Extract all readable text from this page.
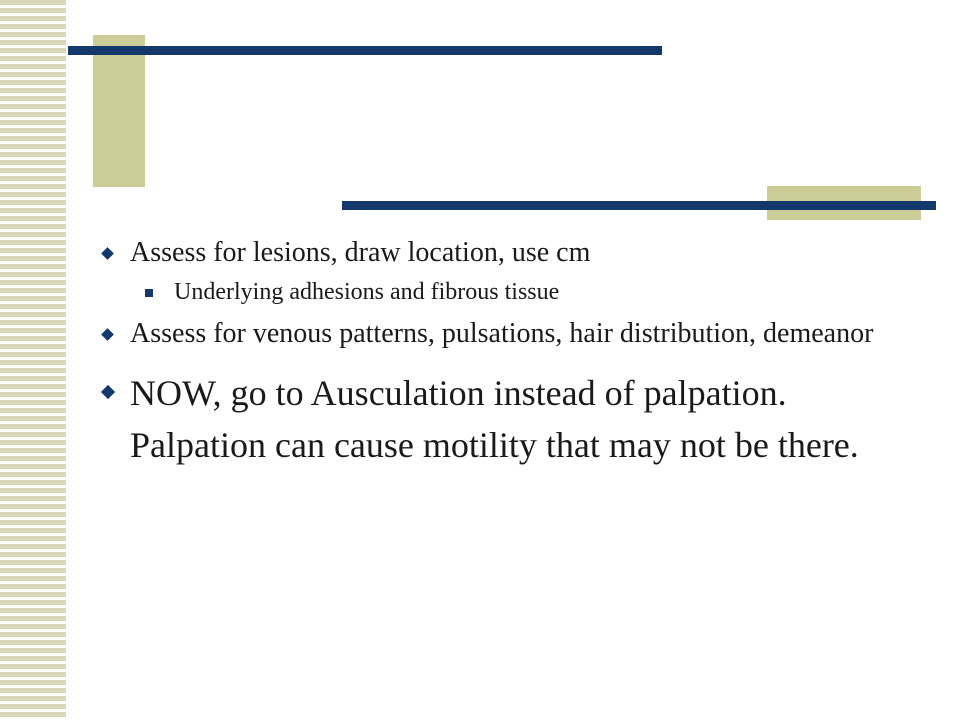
Assess for lesions, draw location, use cm
Underlying adhesions and fibrous tissue
Assess for venous patterns, pulsations, hair distribution, demeanor
NOW, go to Ausculation instead of palpation. Palpation can cause motility that may not be there.
